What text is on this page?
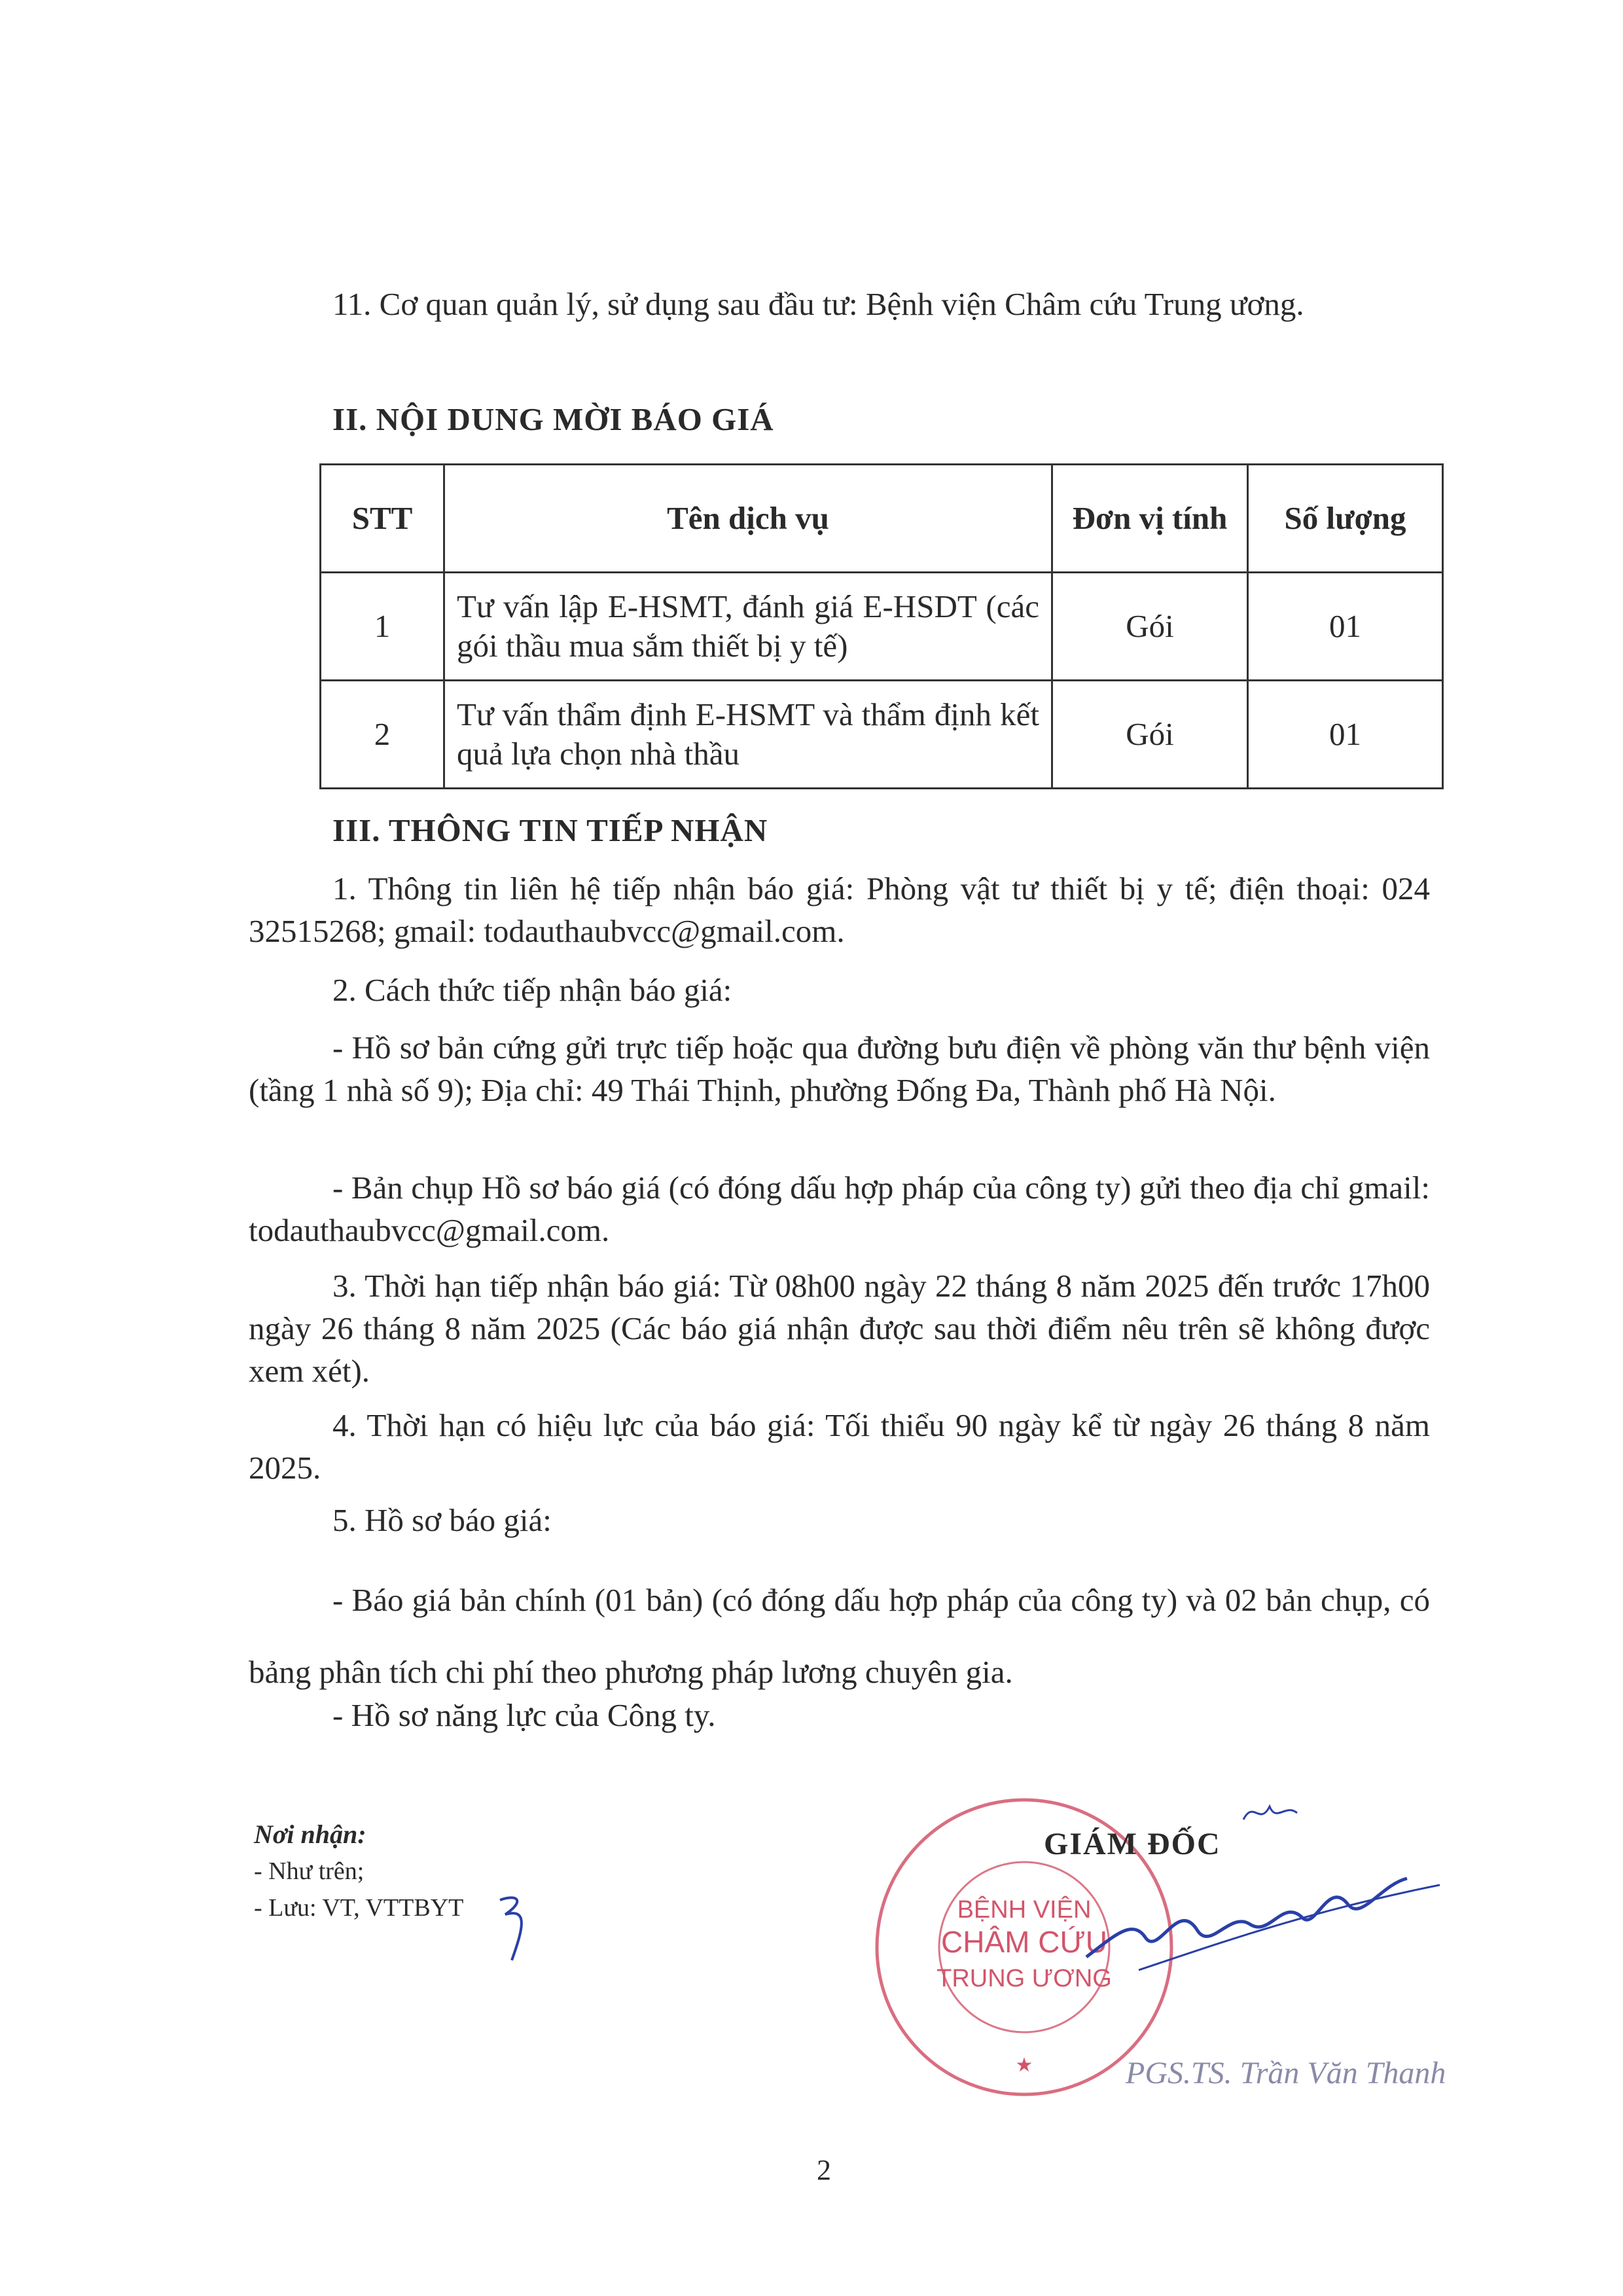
11. Cơ quan quản lý, sử dụng sau đầu tư: Bệnh viện Châm cứu Trung ương.

II. NỘI DUNG MỜI BÁO GIÁ
III. THÔNG TIN TIẾP NHẬN

1. Thông tin liên hệ tiếp nhận báo giá: Phòng vật tư thiết bị y tế; điện thoại: 024 32515268; gmail: todauthaubvcc@gmail.com.

2. Cách thức tiếp nhận báo giá:

- Hồ sơ bản cứng gửi trực tiếp hoặc qua đường bưu điện về phòng văn thư bệnh viện (tầng 1 nhà số 9); Địa chỉ: 49 Thái Thịnh, phường Đống Đa, Thành phố Hà Nội.

- Bản chụp Hồ sơ báo giá (có đóng dấu hợp pháp của công ty) gửi theo địa chỉ gmail: todauthaubvcc@gmail.com.

3. Thời hạn tiếp nhận báo giá: Từ 08h00 ngày 22 tháng 8 năm 2025 đến trước 17h00 ngày 26 tháng 8 năm 2025 (Các báo giá nhận được sau thời điểm nêu trên sẽ không được xem xét).

4. Thời hạn có hiệu lực của báo giá: Tối thiểu 90 ngày kể từ ngày 26 tháng 8 năm 2025.

5. Hồ sơ báo giá:

- Báo giá bản chính (01 bản) (có đóng dấu hợp pháp của công ty) và 02 bản chụp, có bảng phân tích chi phí theo phương pháp lương chuyên gia.

- Hồ sơ năng lực của Công ty.

STT	Tên dịch vụ	Đơn vị tính	Số lượng
1	Tư vấn lập E-HSMT, đánh giá E-HSDT (các gói thầu mua sắm thiết bị y tế)	Gói	01
2	Tư vấn thẩm định E-HSMT và thẩm định kết quả lựa chọn nhà thầu	Gói	01
Nơi nhận:
- Như trên;
- Lưu: VT, VTTBYT	BỆNH VIỆN
CHÂM CỨU
TRUNG ƯƠNG
★
GIÁM ĐỐC
PGS.TS. Trần Văn Thanh
2
